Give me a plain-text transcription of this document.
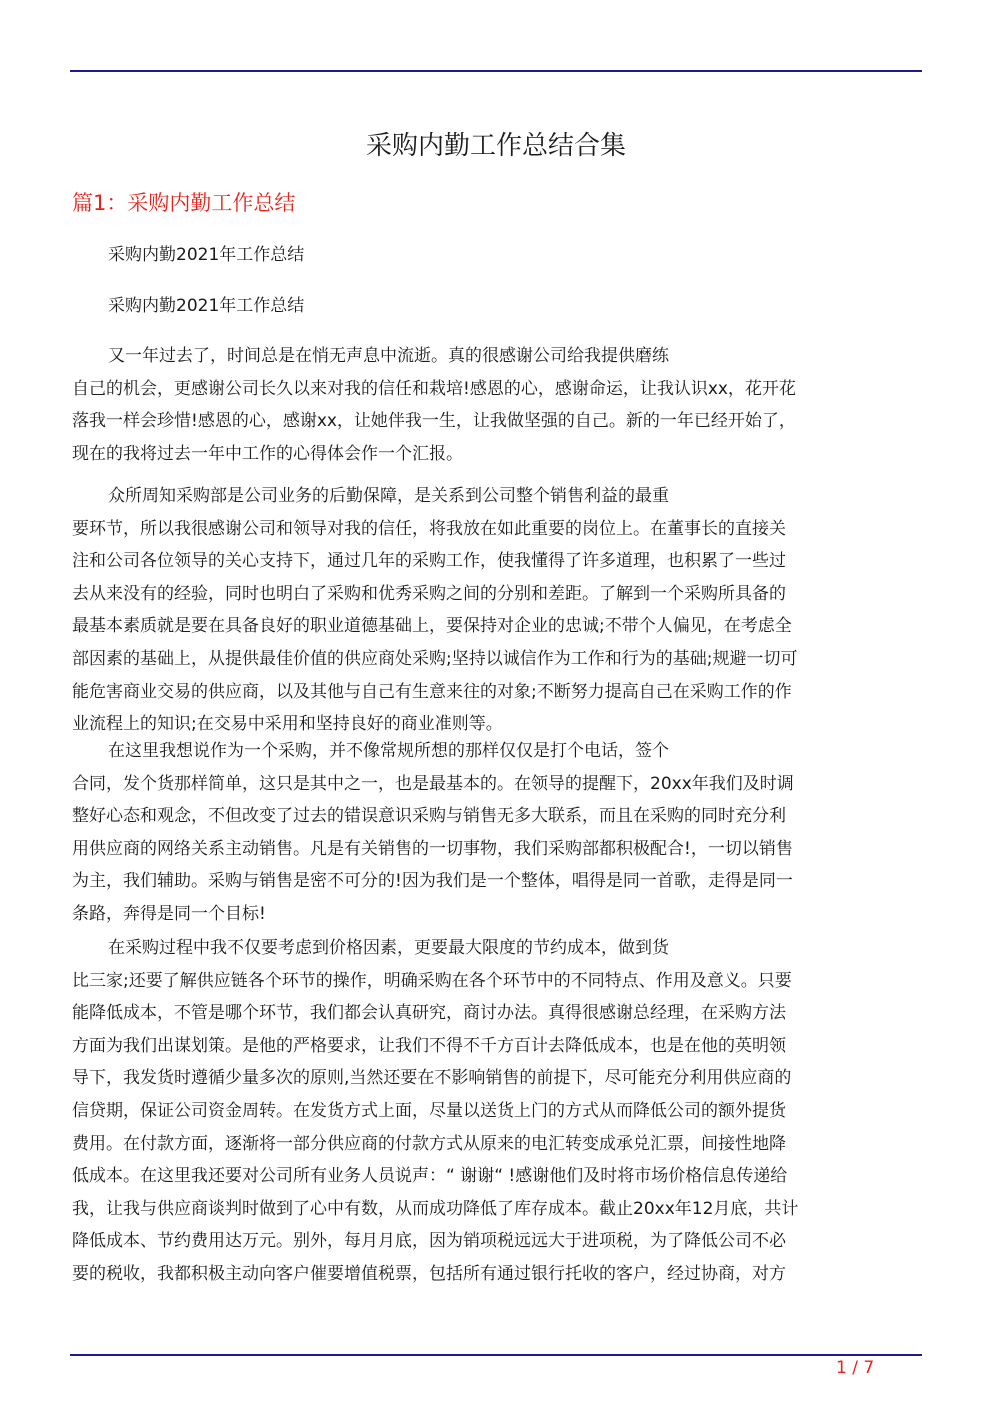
采购内勤工作总结合集
篇1：采购内勤工作总结
采购内勤2021年工作总结
采购内勤2021年工作总结
又一年过去了，时间总是在悄无声息中流逝。真的很感谢公司给我提供磨练
自己的机会，更感谢公司长久以来对我的信任和栽培!感恩的心，感谢命运，让我认识xx，花开花
落我一样会珍惜!感恩的心，感谢xx，让她伴我一生，让我做坚强的自己。新的一年已经开始了，
现在的我将过去一年中工作的心得体会作一个汇报。
众所周知采购部是公司业务的后勤保障，是关系到公司整个销售利益的最重
要环节，所以我很感谢公司和领导对我的信任，将我放在如此重要的岗位上。在董事长的直接关
注和公司各位领导的关心支持下，通过几年的采购工作，使我懂得了许多道理，也积累了一些过
去从来没有的经验，同时也明白了采购和优秀采购之间的分别和差距。了解到一个采购所具备的
最基本素质就是要在具备良好的职业道德基础上，要保持对企业的忠诚;不带个人偏见，在考虑全
部因素的基础上，从提供最佳价值的供应商处采购;坚持以诚信作为工作和行为的基础;规避一切可
能危害商业交易的供应商，以及其他与自己有生意来往的对象;不断努力提高自己在采购工作的作
业流程上的知识;在交易中采用和坚持良好的商业准则等。
在这里我想说作为一个采购，并不像常规所想的那样仅仅是打个电话，签个
合同，发个货那样简单，这只是其中之一，也是最基本的。在领导的提醒下，20xx年我们及时调
整好心态和观念，不但改变了过去的错误意识采购与销售无多大联系，而且在采购的同时充分利
用供应商的网络关系主动销售。凡是有关销售的一切事物，我们采购部都积极配合!，一切以销售
为主，我们辅助。采购与销售是密不可分的!因为我们是一个整体，唱得是同一首歌，走得是同一
条路，奔得是同一个目标!
在采购过程中我不仅要考虑到价格因素，更要最大限度的节约成本，做到货
比三家;还要了解供应链各个环节的操作，明确采购在各个环节中的不同特点、作用及意义。只要
能降低成本，不管是哪个环节，我们都会认真研究，商讨办法。真得很感谢总经理，在采购方法
方面为我们出谋划策。是他的严格要求，让我们不得不千方百计去降低成本，也是在他的英明领
导下，我发货时遵循少量多次的原则,当然还要在不影响销售的前提下，尽可能充分利用供应商的
信贷期，保证公司资金周转。在发货方式上面，尽量以送货上门的方式从而降低公司的额外提货
费用。在付款方面，逐渐将一部分供应商的付款方式从原来的电汇转变成承兑汇票，间接性地降
低成本。在这里我还要对公司所有业务人员说声：“ 谢谢“ !感谢他们及时将市场价格信息传递给
我，让我与供应商谈判时做到了心中有数，从而成功降低了库存成本。截止20xx年12月底，共计
降低成本、节约费用达万元。别外，每月月底，因为销项税远远大于进项税，为了降低公司不必
要的税收，我都积极主动向客户催要增值税票，包括所有通过银行托收的客户，经过协商，对方
1 / 7
